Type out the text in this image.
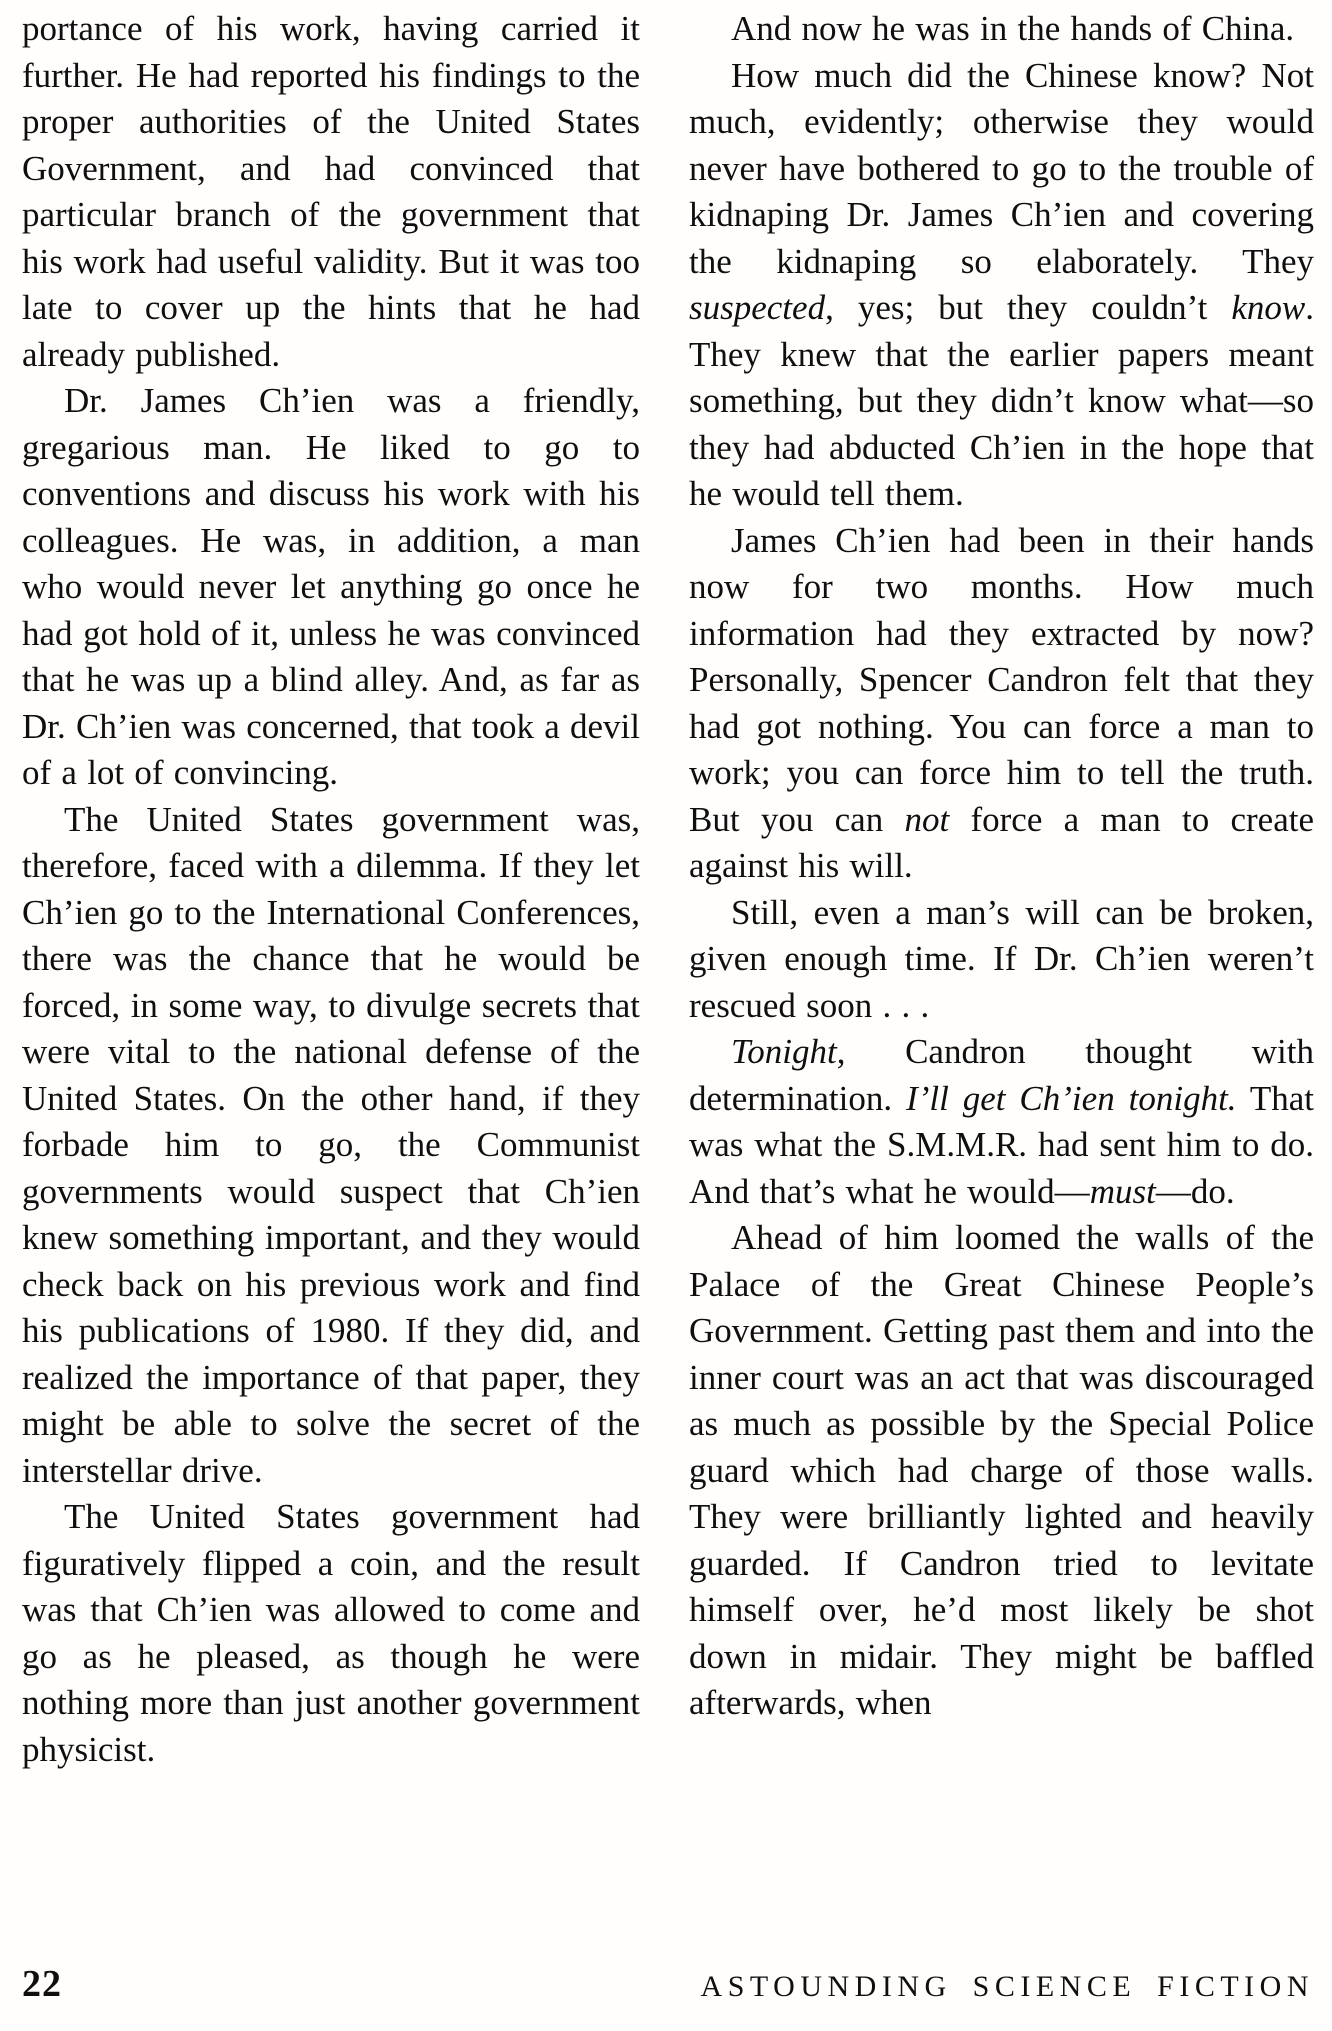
portance of his work, having carried it further. He had reported his findings to the proper authorities of the United States Government, and had convinced that particular branch of the government that his work had useful validity. But it was too late to cover up the hints that he had already published.

Dr. James Ch’ien was a friendly, gregarious man. He liked to go to conventions and discuss his work with his colleagues. He was, in addition, a man who would never let anything go once he had got hold of it, unless he was convinced that he was up a blind alley. And, as far as Dr. Ch’ien was concerned, that took a devil of a lot of convincing.

The United States government was, therefore, faced with a dilemma. If they let Ch’ien go to the International Conferences, there was the chance that he would be forced, in some way, to divulge secrets that were vital to the national defense of the United States. On the other hand, if they forbade him to go, the Communist governments would suspect that Ch’ien knew something important, and they would check back on his previous work and find his publications of 1980. If they did, and realized the importance of that paper, they might be able to solve the secret of the interstellar drive.

The United States government had figuratively flipped a coin, and the result was that Ch’ien was allowed to come and go as he pleased, as though he were nothing more than just another government physicist.

And now he was in the hands of China.

How much did the Chinese know? Not much, evidently; otherwise they would never have bothered to go to the trouble of kidnaping Dr. James Ch’ien and covering the kidnaping so elaborately. They suspected, yes; but they couldn’t know. They knew that the earlier papers meant something, but they didn’t know what—so they had abducted Ch’ien in the hope that he would tell them.

James Ch’ien had been in their hands now for two months. How much information had they extracted by now? Personally, Spencer Candron felt that they had got nothing. You can force a man to work; you can force him to tell the truth. But you can not force a man to create against his will.

Still, even a man’s will can be broken, given enough time. If Dr. Ch’ien weren’t rescued soon . . .

Tonight, Candron thought with determination. I’ll get Ch’ien tonight. That was what the S.M.M.R. had sent him to do. And that’s what he would—must—do.

Ahead of him loomed the walls of the Palace of the Great Chinese People’s Government. Getting past them and into the inner court was an act that was discouraged as much as possible by the Special Police guard which had charge of those walls. They were brilliantly lighted and heavily guarded. If Candron tried to levitate himself over, he’d most likely be shot down in midair. They might be baffled afterwards, when

22	ASTOUNDING SCIENCE FICTION
